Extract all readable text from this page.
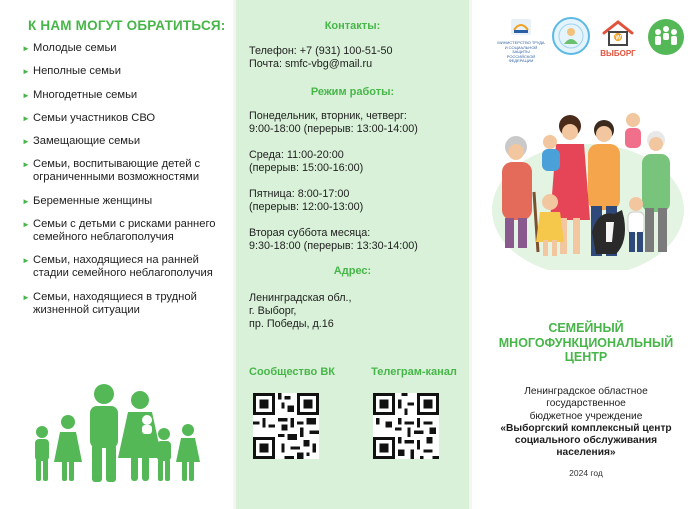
К НАМ МОГУТ ОБРАТИТЬСЯ:
► Молодые семьи
► Неполные семьи
► Многодетные семьи
► Семьи участников СВО
► Замещающие семьи
► Семьи, воспитывающие детей с ограниченными возможностями
► Беременные женщины
► Семьи с детьми с рисками раннего семейного неблагополучия
► Семьи, находящиеся на ранней стадии семейного неблагополучия
► Семьи, находящиеся в трудной жизненной ситуации
Контакты:
Телефон: +7 (931) 100-51-50
Почта: smfc-vbg@mail.ru
Режим работы:
Понедельник, вторник, четверг:
9:00-18:00 (перерыв: 13:00-14:00)
Среда: 11:00-20:00
(перерыв: 15:00-16:00)
Пятница: 8:00-17:00
(перерыв: 12:00-13:00)
Вторая суббота месяца:
9:30-18:00 (перерыв: 13:30-14:00)
Адрес:
Ленинградская обл.,
г. Выборг,
пр. Победы, д.16
Сообщество ВК	Телеграм-канал
МИНИСТЕРСТВО ТРУДА
И СОЦИАЛЬНОЙ ЗАЩИТЫ
РОССИЙСКОЙ ФЕДЕРАЦИИ
W
ВЫБОРГ
СЕМЕЙНЫЙ
МНОГОФУНКЦИОНАЛЬНЫЙ
ЦЕНТР
Ленинградское областное
государственное
бюджетное учреждение
«Выборгский комплексный центр
социального обслуживания
населения»
2024 год
